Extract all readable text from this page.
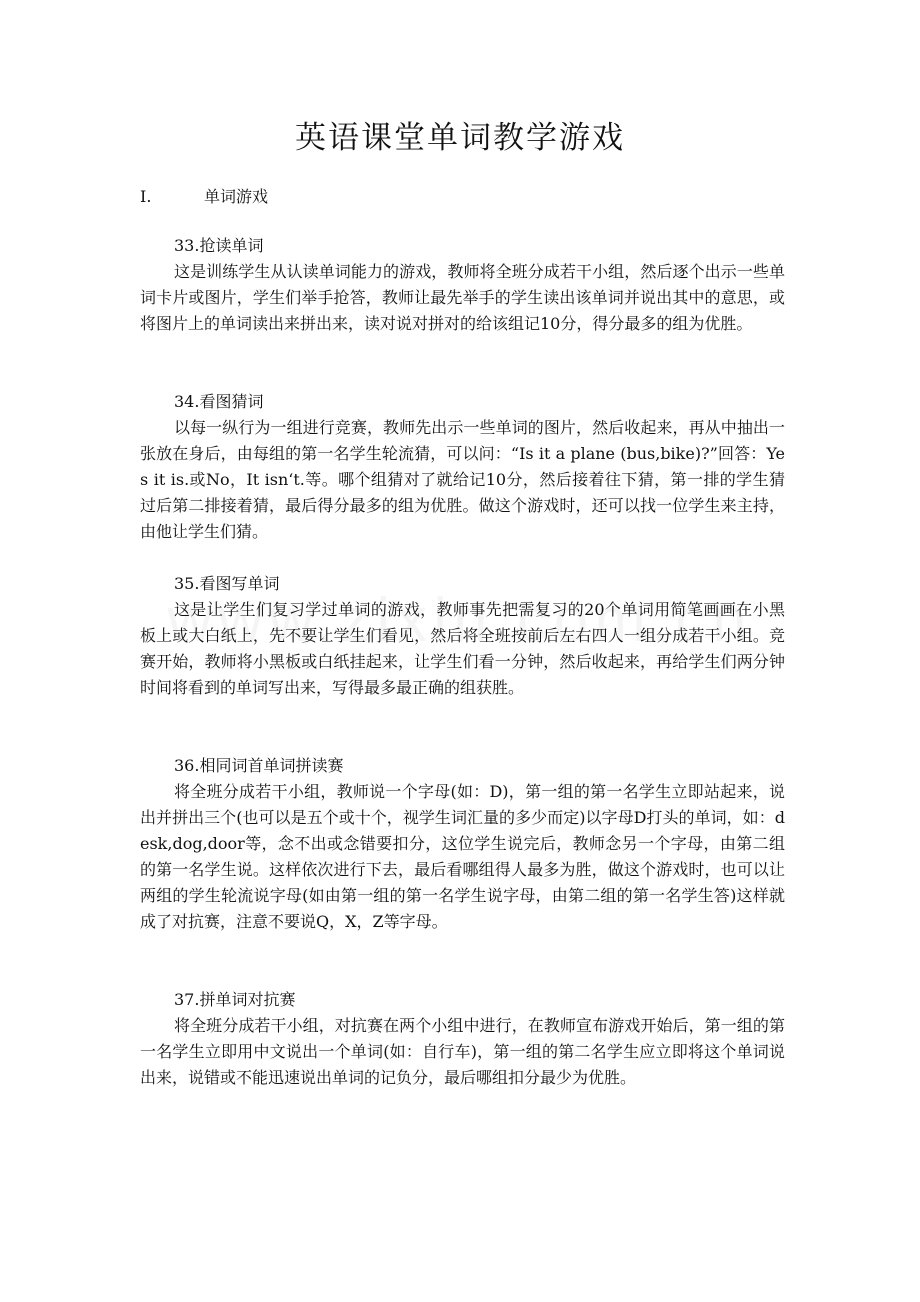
英语课堂单词教学游戏
I.	单词游戏

33.抢读单词

这是训练学生从认读单词能力的游戏，教师将全班分成若干小组，然后逐个出示一些单词卡片或图片，学生们举手抢答，教师让最先举手的学生读出该单词并说出其中的意思，或将图片上的单词读出来拼出来，读对说对拼对的给该组记10分，得分最多的组为优胜。

34.看图猜词

以每一纵行为一组进行竞赛，教师先出示一些单词的图片，然后收起来，再从中抽出一张放在身后，由每组的第一名学生轮流猜，可以问：“Is it a plane (bus,bike)?”回答：Yes it is.或No，It isn‘t.等。哪个组猜对了就给记10分，然后接着往下猜，第一排的学生猜过后第二排接着猜，最后得分最多的组为优胜。做这个游戏时，还可以找一位学生来主持，由他让学生们猜。

35.看图写单词

这是让学生们复习学过单词的游戏，教师事先把需复习的20个单词用简笔画画在小黑板上或大白纸上，先不要让学生们看见，然后将全班按前后左右四人一组分成若干小组。竞赛开始，教师将小黑板或白纸挂起来，让学生们看一分钟，然后收起来，再给学生们两分钟时间将看到的单词写出来，写得最多最正确的组获胜。

36.相同词首单词拼读赛

将全班分成若干小组，教师说一个字母(如：D)，第一组的第一名学生立即站起来，说出并拼出三个(也可以是五个或十个，视学生词汇量的多少而定)以字母D打头的单词，如：desk,dog,door等，念不出或念错要扣分，这位学生说完后，教师念另一个字母，由第二组的第一名学生说。这样依次进行下去，最后看哪组得人最多为胜，做这个游戏时，也可以让两组的学生轮流说字母(如由第一组的第一名学生说字母，由第二组的第一名学生答)这样就成了对抗赛，注意不要说Q，X，Z等字母。

37.拼单词对抗赛

将全班分成若干小组，对抗赛在两个小组中进行，在教师宣布游戏开始后，第一组的第一名学生立即用中文说出一个单词(如：自行车)，第一组的第二名学生应立即将这个单词说出来，说错或不能迅速说出单词的记负分，最后哪组扣分最少为优胜。
